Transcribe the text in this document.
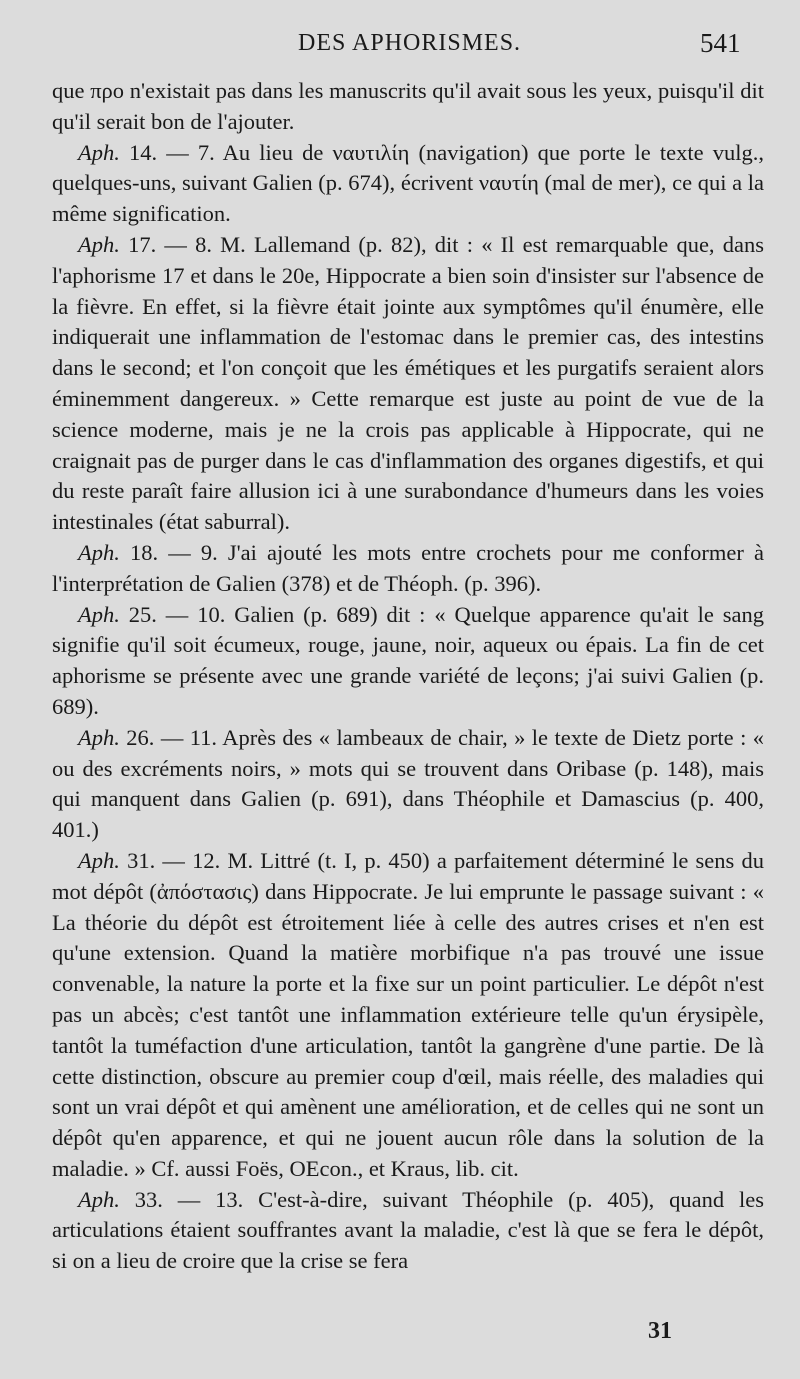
DES APHORISMES.	541

que προ n'existait pas dans les manuscrits qu'il avait sous les yeux, puisqu'il dit qu'il serait bon de l'ajouter.

Aph. 14. — 7. Au lieu de ναυτιλίη (navigation) que porte le texte vulg., quelques-uns, suivant Galien (p. 674), écrivent ναυτίη (mal de mer), ce qui a la même signification.

Aph. 17. — 8. M. Lallemand (p. 82), dit : « Il est remarquable que, dans l'aphorisme 17 et dans le 20e, Hippocrate a bien soin d'insister sur l'absence de la fièvre. En effet, si la fièvre était jointe aux symptômes qu'il énumère, elle indiquerait une inflammation de l'estomac dans le premier cas, des intestins dans le second; et l'on conçoit que les émétiques et les purgatifs seraient alors éminemment dangereux. » Cette remarque est juste au point de vue de la science moderne, mais je ne la crois pas applicable à Hippocrate, qui ne craignait pas de purger dans le cas d'inflammation des organes digestifs, et qui du reste paraît faire allusion ici à une surabondance d'humeurs dans les voies intestinales (état saburral).

Aph. 18. — 9. J'ai ajouté les mots entre crochets pour me conformer à l'interprétation de Galien (378) et de Théoph. (p. 396).

Aph. 25. — 10. Galien (p. 689) dit : « Quelque apparence qu'ait le sang signifie qu'il soit écumeux, rouge, jaune, noir, aqueux ou épais. La fin de cet aphorisme se présente avec une grande variété de leçons; j'ai suivi Galien (p. 689).

Aph. 26. — 11. Après des « lambeaux de chair, » le texte de Dietz porte : « ou des excréments noirs, » mots qui se trouvent dans Oribase (p. 148), mais qui manquent dans Galien (p. 691), dans Théophile et Damascius (p. 400, 401.)

Aph. 31. — 12. M. Littré (t. I, p. 450) a parfaitement déterminé le sens du mot dépôt (ἀπόστασις) dans Hippocrate. Je lui emprunte le passage suivant : « La théorie du dépôt est étroitement liée à celle des autres crises et n'en est qu'une extension. Quand la matière morbifique n'a pas trouvé une issue convenable, la nature la porte et la fixe sur un point particulier. Le dépôt n'est pas un abcès; c'est tantôt une inflammation extérieure telle qu'un érysipèle, tantôt la tuméfaction d'une articulation, tantôt la gangrène d'une partie. De là cette distinction, obscure au premier coup d'œil, mais réelle, des maladies qui sont un vrai dépôt et qui amènent une amélioration, et de celles qui ne sont un dépôt qu'en apparence, et qui ne jouent aucun rôle dans la solution de la maladie. » Cf. aussi Foës, OEcon., et Kraus, lib. cit.

Aph. 33. — 13. C'est-à-dire, suivant Théophile (p. 405), quand les articulations étaient souffrantes avant la maladie, c'est là que se fera le dépôt, si on a lieu de croire que la crise se fera

31
